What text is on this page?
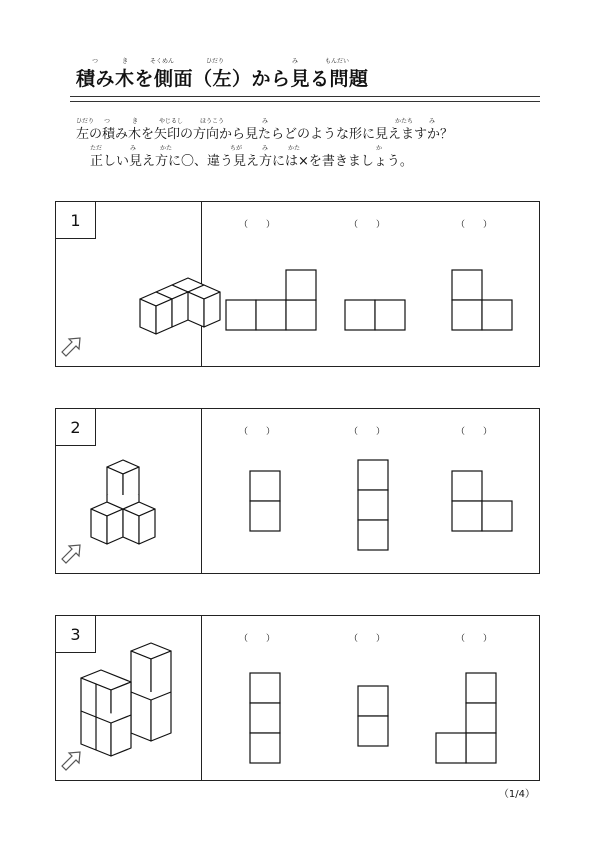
つ	き	そくめん	ひだり	み	もんだい
積み木を側面（左）から見る問題
ひだり つ	き	やじるし	ほうこう	み	かたち	み
左の積み木を矢印の方向から見たらどのような形に見えますか？
ただ	み	かた	ちが	み	かた	か
正しい見え方に〇、違う見え方には×を書きましょう。
1	（　　）	（　　）	（　　）
2	（　　）	（　　）	（　　）
3	（　　）	（　　）	（　　）
（1/4）
